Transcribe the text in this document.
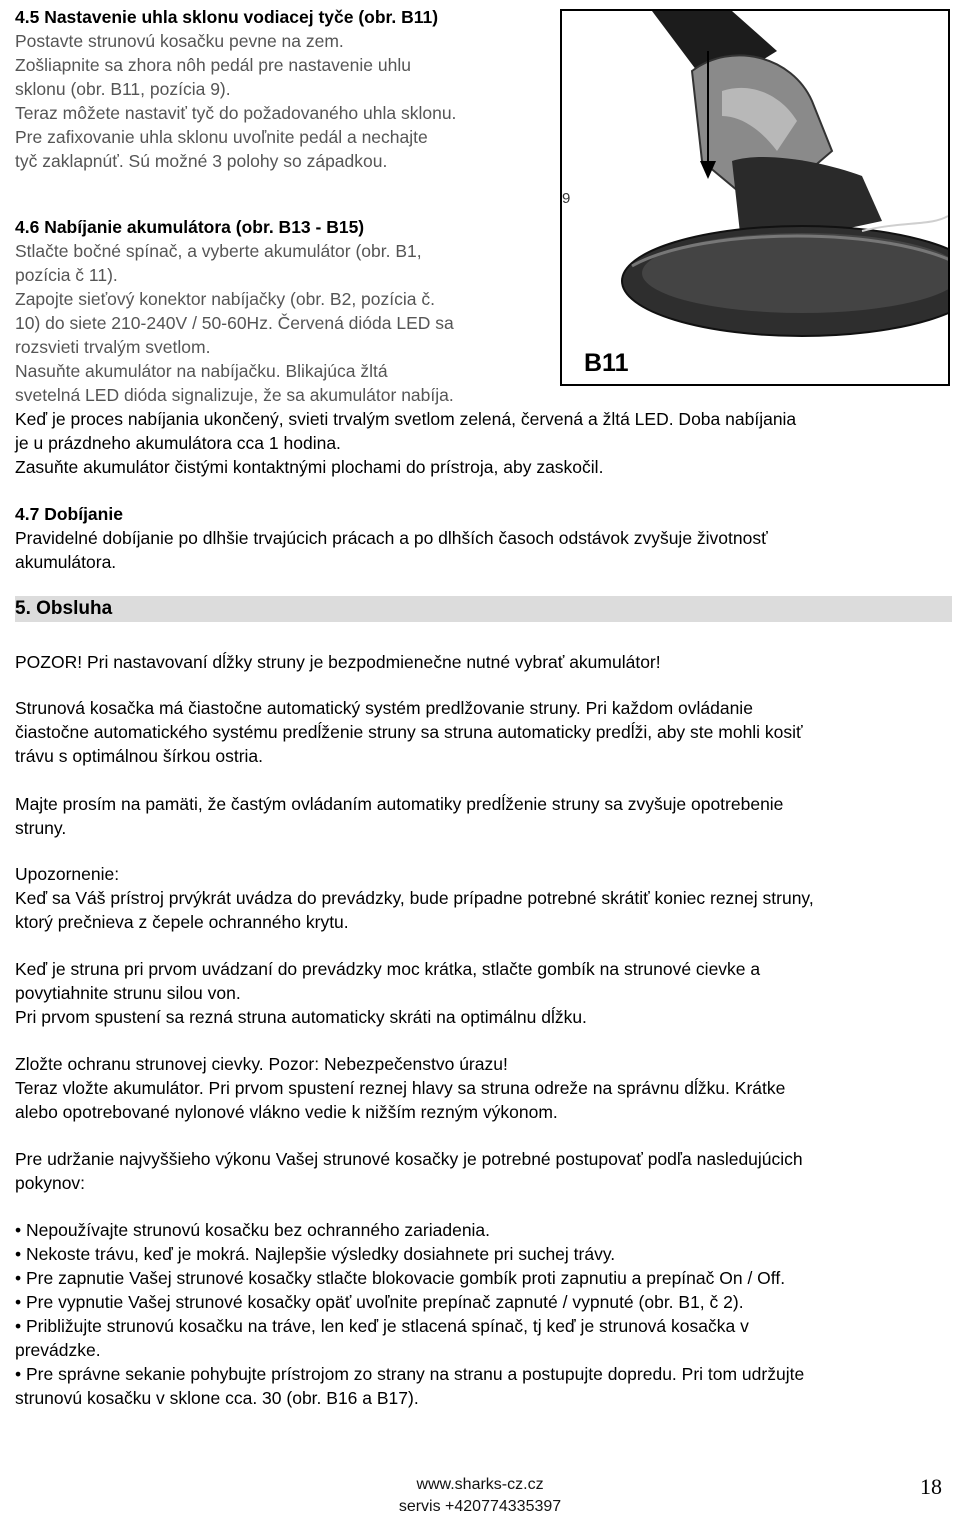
4.5 Nastavenie uhla sklonu vodiacej tyče (obr. B11)

Postavte strunovú kosačku pevne na zem.

Zošliapnite sa zhora nôh pedál pre nastavenie uhlu

sklonu (obr. B11, pozícia 9).

Teraz môžete nastaviť tyč do požadovaného uhla sklonu.

Pre zafixovanie uhla sklonu uvoľnite pedál a nechajte

tyč zaklapnúť. Sú možné 3 polohy so západkou.

9
B11

4.6 Nabíjanie akumulátora (obr. B13 - B15)

Stlačte bočné spínač, a vyberte akumulátor (obr. B1,

pozícia č 11).

Zapojte sieťový konektor nabíjačky (obr. B2, pozícia č.

10) do siete 210-240V / 50-60Hz. Červená dióda LED sa

rozsvieti trvalým svetlom.

Nasuňte akumulátor na nabíjačku. Blikajúca žltá

svetelná LED dióda signalizuje, že sa akumulátor nabíja.

Keď je proces nabíjania ukončený, svieti trvalým svetlom zelená, červená a žltá LED. Doba nabíjania

je u prázdneho akumulátora cca 1 hodina.

Zasuňte akumulátor čistými kontaktnými plochami do prístroja, aby zaskočil.

4.7 Dobíjanie

Pravidelné dobíjanie po dlhšie trvajúcich prácach a po dlhších časoch odstávok zvyšuje životnosť

akumulátora.

5. Obsluha

POZOR! Pri nastavovaní dĺžky struny je bezpodmienečne nutné vybrať akumulátor!

Strunová kosačka má čiastočne automatický systém predlžovanie struny. Pri každom ovládanie

čiastočne automatického systému predĺženie struny sa struna automaticky predĺži, aby ste mohli kosiť

trávu s optimálnou šírkou ostria.

Majte prosím na pamäti, že častým ovládaním automatiky predĺženie struny sa zvyšuje opotrebenie

struny.

Upozornenie:

Keď sa Váš prístroj prvýkrát uvádza do prevádzky, bude prípadne potrebné skrátiť koniec reznej struny,

ktorý prečnieva z čepele ochranného krytu.

Keď je struna pri prvom uvádzaní do prevádzky moc krátka, stlačte gombík na strunové cievke a

povytiahnite strunu silou von.

Pri prvom spustení sa rezná struna automaticky skráti na optimálnu dĺžku.

Zložte ochranu strunovej cievky. Pozor: Nebezpečenstvo úrazu!

Teraz vložte akumulátor. Pri prvom spustení reznej hlavy sa struna odreže na správnu dĺžku. Krátke

alebo opotrebované nylonové vlákno vedie k nižším rezným výkonom.

Pre udržanie najvyššieho výkonu Vašej strunové kosačky je potrebné postupovať podľa nasledujúcich

pokynov:

• Nepoužívajte strunovú kosačku bez ochranného zariadenia.

• Nekoste trávu, keď je mokrá. Najlepšie výsledky dosiahnete pri suchej trávy.

• Pre zapnutie Vašej strunové kosačky stlačte blokovacie gombík proti zapnutiu a prepínač On / Off.

• Pre vypnutie Vašej strunové kosačky opäť uvoľnite prepínač zapnuté / vypnuté (obr. B1, č 2).

• Približujte strunovú kosačku na tráve, len keď je stlacená spínač, tj keď je strunová kosačka v

prevádzke.

• Pre správne sekanie pohybujte prístrojom zo strany na stranu a postupujte dopredu. Pri tom udržujte

strunovú kosačku v sklone cca. 30 (obr. B16 a B17).

www.sharks-cz.cz
servis +420774335397
18
